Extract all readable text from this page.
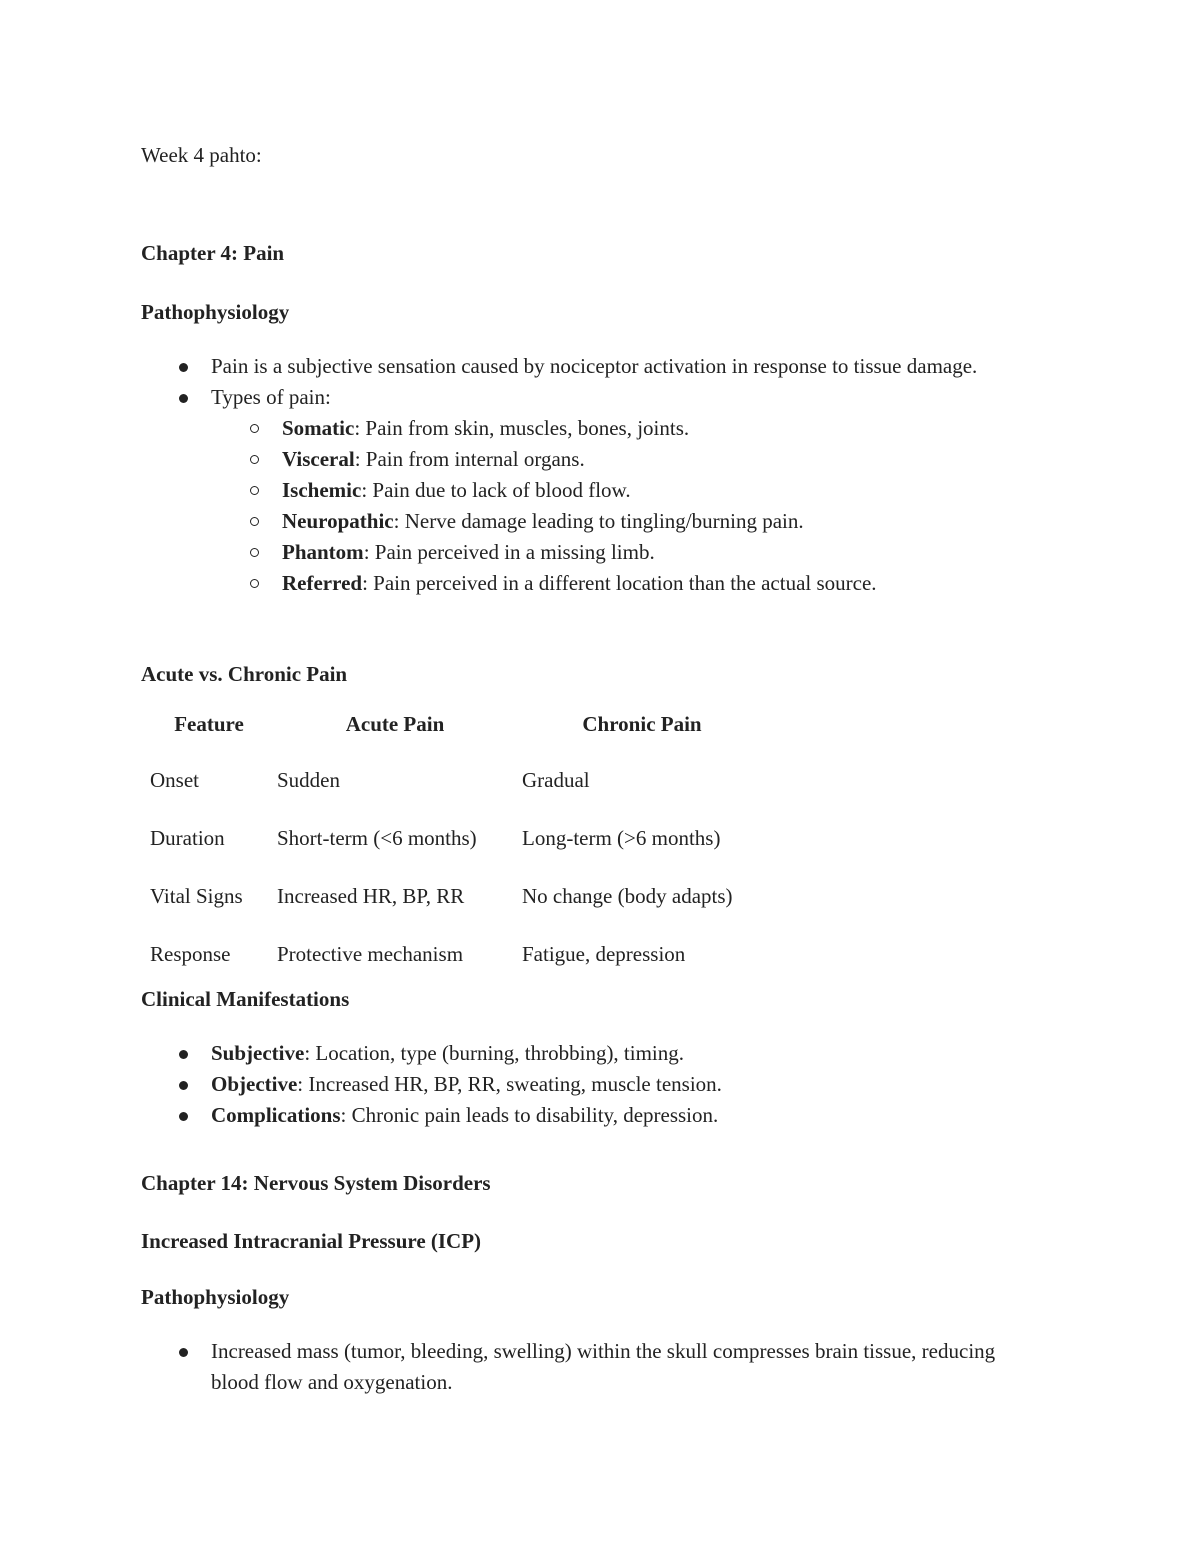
Week 4 pahto:
Chapter 4: Pain
Pathophysiology
Pain is a subjective sensation caused by nociceptor activation in response to tissue damage.
Types of pain:
Somatic: Pain from skin, muscles, bones, joints.
Visceral: Pain from internal organs.
Ischemic: Pain due to lack of blood flow.
Neuropathic: Nerve damage leading to tingling/burning pain.
Phantom: Pain perceived in a missing limb.
Referred: Pain perceived in a different location than the actual source.
Acute vs. Chronic Pain
Feature	Acute Pain	Chronic Pain
Onset	Sudden	Gradual
Duration	Short-term (<6 months)	Long-term (>6 months)
Vital Signs	Increased HR, BP, RR	No change (body adapts)
Response	Protective mechanism	Fatigue, depression
Clinical Manifestations
Subjective: Location, type (burning, throbbing), timing.
Objective: Increased HR, BP, RR, sweating, muscle tension.
Complications: Chronic pain leads to disability, depression.
Chapter 14: Nervous System Disorders
Increased Intracranial Pressure (ICP)
Pathophysiology
Increased mass (tumor, bleeding, swelling) within the skull compresses brain tissue, reducing blood flow and oxygenation.
